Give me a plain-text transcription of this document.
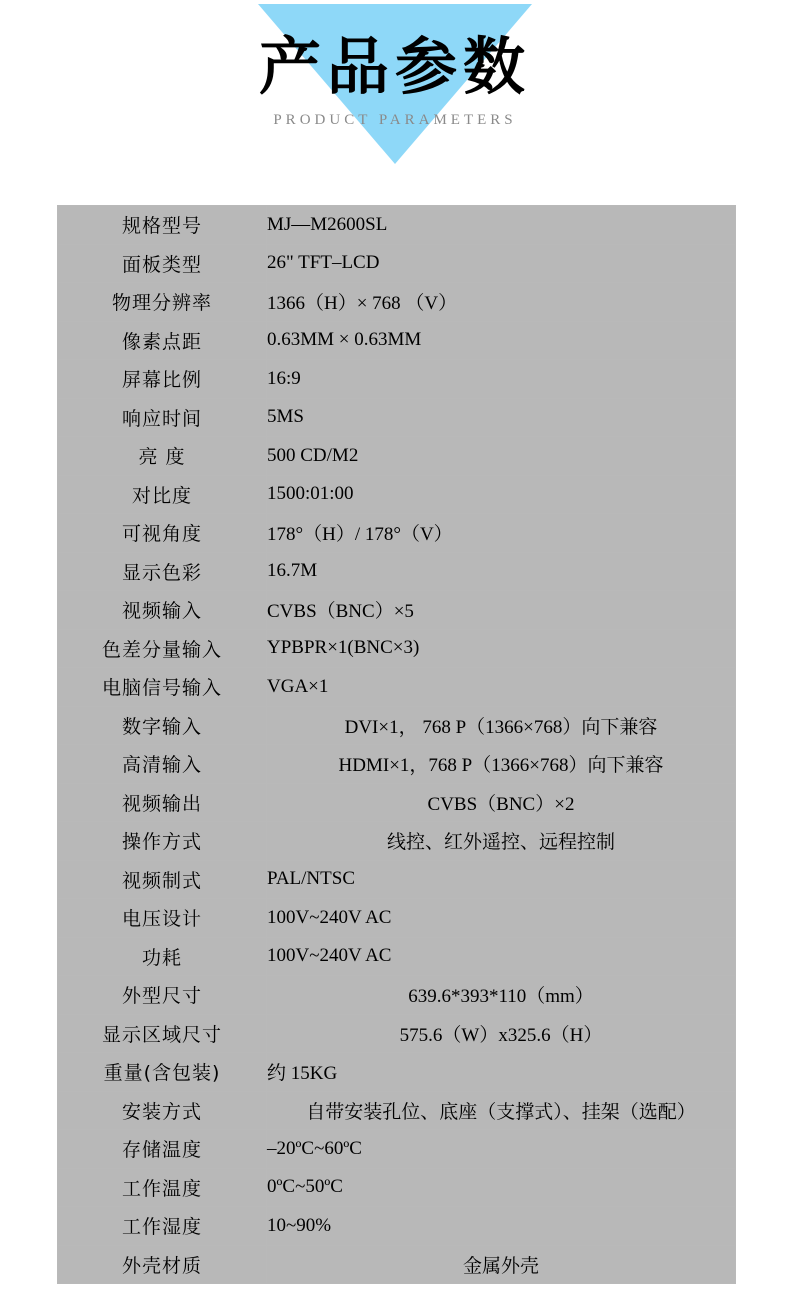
产品参数
PRODUCT PARAMETERS
规格型号	MJ—M2600SL
面板类型	26" TFT–LCD
物理分辨率	1366（H）× 768 （V）
像素点距	0.63MM × 0.63MM
屏幕比例	16:9
响应时间	5MS
亮 度	500 CD/M2
对比度	1500:01:00
可视角度	178°（H）/ 178°（V）
显示色彩	16.7M
视频输入	CVBS（BNC）×5
色差分量输入	YPBPR×1(BNC×3)
电脑信号输入	VGA×1
数字输入	DVI×1， 768 P（1366×768）向下兼容
高清输入	HDMI×1，768 P（1366×768）向下兼容
视频输出	CVBS（BNC）×2
操作方式	线控、红外遥控、远程控制
视频制式	PAL/NTSC
电压设计	100V~240V AC
功耗	100V~240V AC
外型尺寸	639.6*393*110（mm）
显示区域尺寸	575.6（W）x325.6（H）
重量(含包装)	约 15KG
安装方式	自带安装孔位、底座（支撑式）、挂架（选配）
存储温度	–20ºC~60ºC
工作温度	0ºC~50ºC
工作湿度	10~90%
外壳材质	金属外壳
